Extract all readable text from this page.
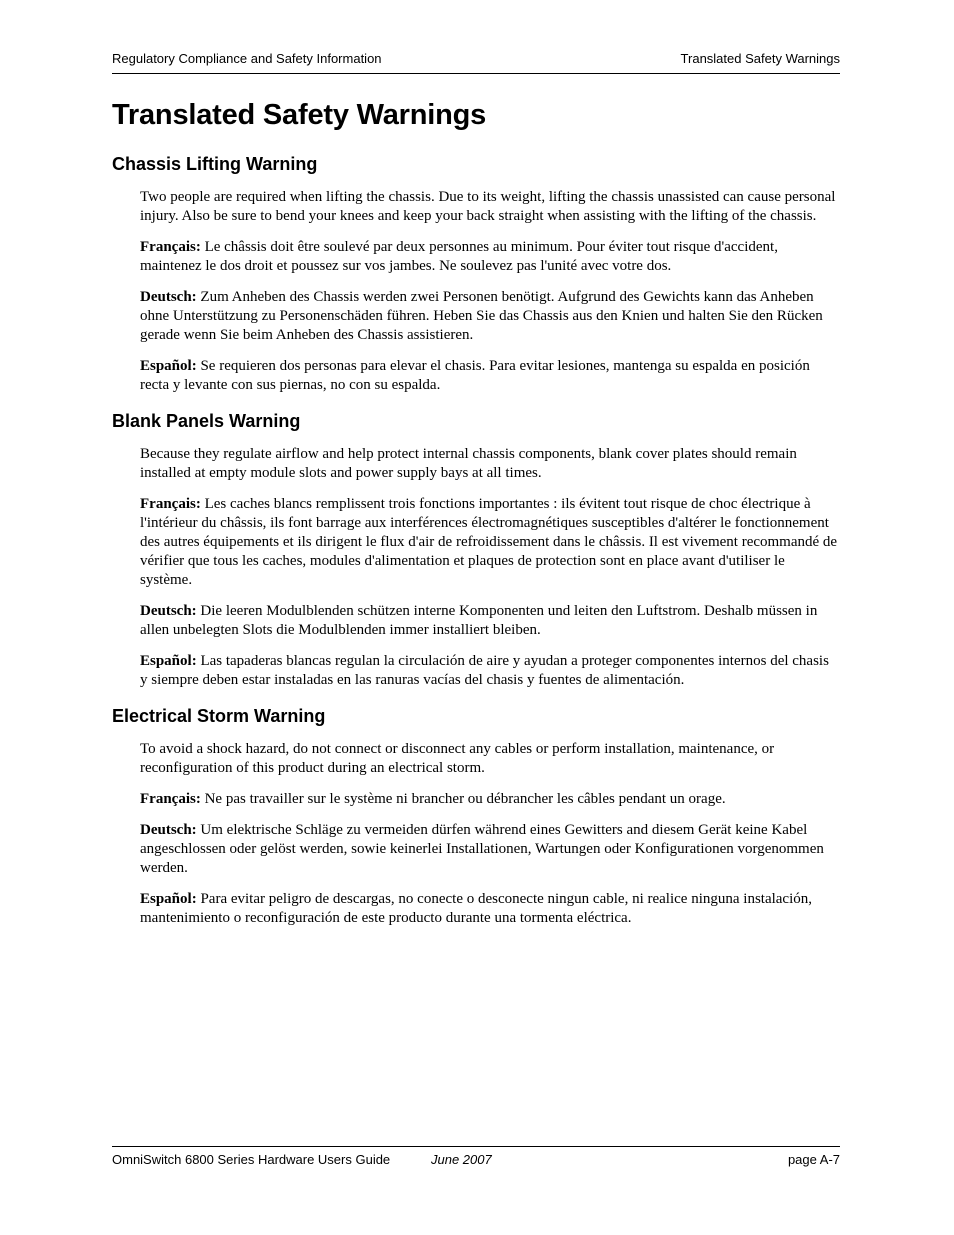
Regulatory Compliance and Safety Information	Translated Safety Warnings
Translated Safety Warnings
Chassis Lifting Warning

Two people are required when lifting the chassis. Due to its weight, lifting the chassis unassisted can cause personal injury. Also be sure to bend your knees and keep your back straight when assisting with the lifting of the chassis.

Français: Le châssis doit être soulevé par deux personnes au minimum. Pour éviter tout risque d'accident, maintenez le dos droit et poussez sur vos jambes. Ne soulevez pas l'unité avec votre dos.

Deutsch: Zum Anheben des Chassis werden zwei Personen benötigt. Aufgrund des Gewichts kann das Anheben ohne Unterstützung zu Personenschäden führen. Heben Sie das Chassis aus den Knien und halten Sie den Rücken gerade wenn Sie beim Anheben des Chassis assistieren.

Español: Se requieren dos personas para elevar el chasis. Para evitar lesiones, mantenga su espalda en posición recta y levante con sus piernas, no con su espalda.

Blank Panels Warning

Because they regulate airflow and help protect internal chassis components, blank cover plates should remain installed at empty module slots and power supply bays at all times.

Français: Les caches blancs remplissent trois fonctions importantes : ils évitent tout risque de choc électrique à l'intérieur du châssis, ils font barrage aux interférences électromagnétiques susceptibles d'altérer le fonctionnement des autres équipements et ils dirigent le flux d'air de refroidissement dans le châssis. Il est vivement recommandé de vérifier que tous les caches, modules d'alimentation et plaques de protection sont en place avant d'utiliser le système.

Deutsch: Die leeren Modulblenden schützen interne Komponenten und leiten den Luftstrom. Deshalb müssen in allen unbelegten Slots die Modulblenden immer installiert bleiben.

Español: Las tapaderas blancas regulan la circulación de aire y ayudan a proteger componentes internos del chasis y siempre deben estar instaladas en las ranuras vacías del chasis y fuentes de alimentación.

Electrical Storm Warning

To avoid a shock hazard, do not connect or disconnect any cables or perform installation, maintenance, or reconfiguration of this product during an electrical storm.

Français: Ne pas travailler sur le système ni brancher ou débrancher les câbles pendant un orage.

Deutsch: Um elektrische Schläge zu vermeiden dürfen während eines Gewitters and diesem Gerät keine Kabel angeschlossen oder gelöst werden, sowie keinerlei Installationen, Wartungen oder Konfigurationen vorgenommen werden.

Español: Para evitar peligro de descargas, no conecte o desconecte ningun cable, ni realice ninguna instalación, mantenimiento o reconfiguración de este producto durante una tormenta eléctrica.

OmniSwitch 6800 Series Hardware Users Guide	June 2007	page A-7
